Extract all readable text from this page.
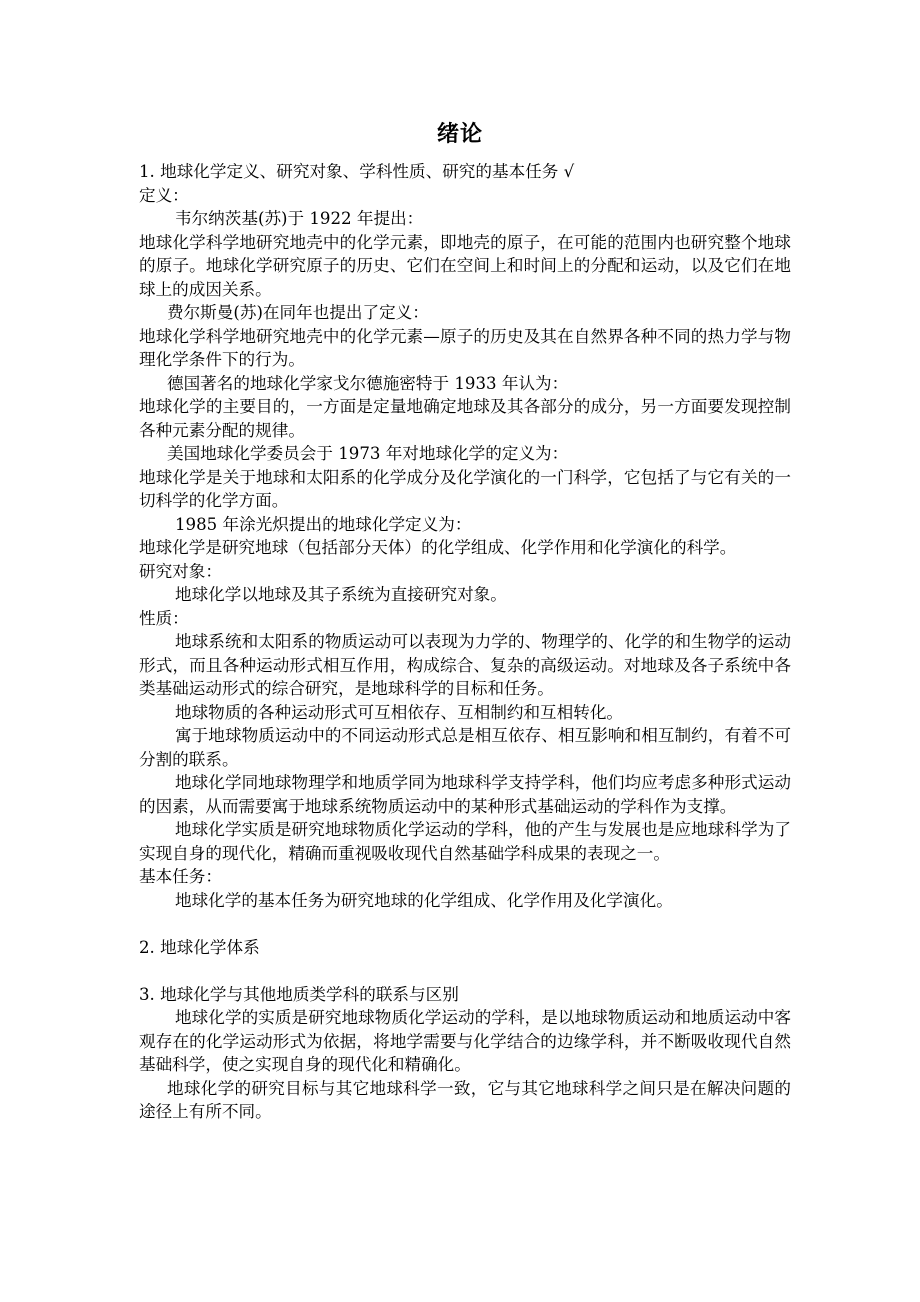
绪论

1. 地球化学定义、研究对象、学科性质、研究的基本任务 √

定义：

韦尔纳茨基(苏)于 1922 年提出：

地球化学科学地研究地壳中的化学元素，即地壳的原子，在可能的范围内也研究整个地球的原子。地球化学研究原子的历史、它们在空间上和时间上的分配和运动，以及它们在地球上的成因关系。

费尔斯曼(苏)在同年也提出了定义：

地球化学科学地研究地壳中的化学元素—原子的历史及其在自然界各种不同的热力学与物理化学条件下的行为。

德国著名的地球化学家戈尔德施密特于 1933 年认为：

地球化学的主要目的，一方面是定量地确定地球及其各部分的成分，另一方面要发现控制各种元素分配的规律。

美国地球化学委员会于 1973 年对地球化学的定义为：

地球化学是关于地球和太阳系的化学成分及化学演化的一门科学，它包括了与它有关的一切科学的化学方面。

1985 年涂光炽提出的地球化学定义为：

地球化学是研究地球（包括部分天体）的化学组成、化学作用和化学演化的科学。

研究对象：

地球化学以地球及其子系统为直接研究对象。

性质：

地球系统和太阳系的物质运动可以表现为力学的、物理学的、化学的和生物学的运动形式，而且各种运动形式相互作用，构成综合、复杂的高级运动。对地球及各子系统中各类基础运动形式的综合研究，是地球科学的目标和任务。

地球物质的各种运动形式可互相依存、互相制约和互相转化。

寓于地球物质运动中的不同运动形式总是相互依存、相互影响和相互制约，有着不可分割的联系。

地球化学同地球物理学和地质学同为地球科学支持学科，他们均应考虑多种形式运动的因素，从而需要寓于地球系统物质运动中的某种形式基础运动的学科作为支撑。

地球化学实质是研究地球物质化学运动的学科，他的产生与发展也是应地球科学为了实现自身的现代化，精确而重视吸收现代自然基础学科成果的表现之一。

基本任务：

地球化学的基本任务为研究地球的化学组成、化学作用及化学演化。

2. 地球化学体系

3. 地球化学与其他地质类学科的联系与区别

地球化学的实质是研究地球物质化学运动的学科，是以地球物质运动和地质运动中客观存在的化学运动形式为依据，将地学需要与化学结合的边缘学科，并不断吸收现代自然基础科学，使之实现自身的现代化和精确化。

地球化学的研究目标与其它地球科学一致，它与其它地球科学之间只是在解决问题的途径上有所不同。
